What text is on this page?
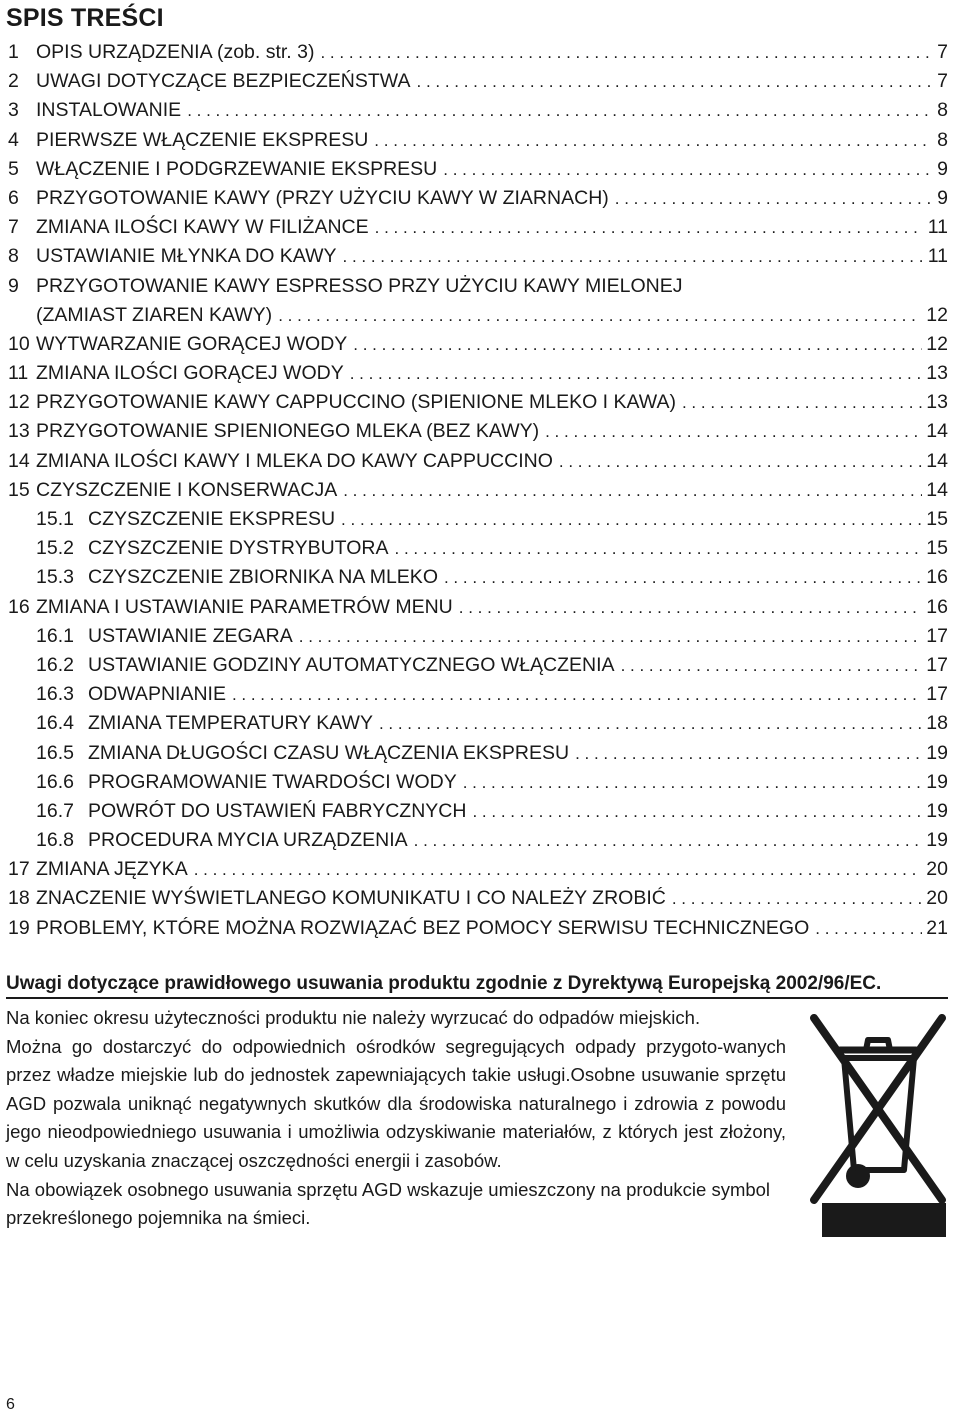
SPIS TREŚCI
1 OPIS URZĄDZENIA (zob. str. 3) . . .	7
2 UWAGI DOTYCZĄCE BEZPIECZEŃSTWA . . .	7
3 INSTALOWANIE . . .	8
4 PIERWSZE WŁĄCZENIE EKSPRESU . . .	8
5 WŁĄCZENIE I PODGRZEWANIE EKSPRESU . . .	9
6 PRZYGOTOWANIE KAWY (PRZY UŻYCIU KAWY W ZIARNACH) . . .	9
7 ZMIANA ILOŚCI KAWY W FILIŻANCE . . .	11
8 USTAWIANIE MŁYNKA DO KAWY . . .	11
9 PRZYGOTOWANIE KAWY ESPRESSO PRZY UŻYCIU KAWY MIELONEJ
(ZAMIAST ZIAREN KAWY) . . .	12
10 WYTWARZANIE GORĄCEJ WODY . . .	12
11 ZMIANA ILOŚCI GORĄCEJ WODY . . .	13
12 PRZYGOTOWANIE KAWY CAPPUCCINO (SPIENIONE MLEKO I KAWA) . . .	13
13 PRZYGOTOWANIE SPIENIONEGO MLEKA (BEZ KAWY) . . .	14
14 ZMIANA ILOŚCI KAWY I MLEKA DO KAWY CAPPUCCINO . . .	14
15 CZYSZCZENIE I KONSERWACJA . . .	14
15.1 CZYSZCZENIE EKSPRESU . . .	15
15.2 CZYSZCZENIE DYSTRYBUTORA . . .	15
15.3 CZYSZCZENIE ZBIORNIKA NA MLEKO . . .	16
16 ZMIANA I USTAWIANIE PARAMETRÓW MENU . . .	16
16.1 USTAWIANIE ZEGARA . . .	17
16.2 USTAWIANIE GODZINY AUTOMATYCZNEGO WŁĄCZENIA . . .	17
16.3 ODWAPNIANIE . . .	17
16.4 ZMIANA TEMPERATURY KAWY . . .	18
16.5 ZMIANA DŁUGOŚCI CZASU WŁĄCZENIA EKSPRESU . . .	19
16.6 PROGRAMOWANIE TWARDOŚCI WODY . . .	19
16.7 POWRÓT DO USTAWIEŃ FABRYCZNYCH . . .	19
16.8 PROCEDURA MYCIA URZĄDZENIA . . .	19
17 ZMIANA JĘZYKA . . .	20
18 ZNACZENIE WYŚWIETLANEGO KOMUNIKATU I CO NALEŻY ZROBIĆ . . .	20
19 PROBLEMY, KTÓRE MOŻNA ROZWIĄZAĆ BEZ POMOCY SERWISU TECHNICZNEGO . . .	21
Uwagi dotyczące prawidłowego usuwania produktu zgodnie z Dyrektywą Europejską 2002/96/EC.

Na koniec okresu użyteczności produktu nie należy wyrzucać do odpadów miejskich.

Można go dostarczyć do odpowiednich ośrodków segregujących odpady przygoto-wanych przez władze miejskie lub do jednostek zapewniających takie usługi.Osobne usuwanie sprzętu AGD pozwala uniknąć negatywnych skutków dla środowiska naturalnego i zdrowia z powodu jego nieodpowiedniego usuwania i umożliwia odzyskiwanie materiałów, z których jest złożony, w celu uzyskania znaczącej oszczędności energii i zasobów.

Na obowiązek osobnego usuwania sprzętu AGD wskazuje umieszczony na produkcie symbol przekreślonego pojemnika na śmieci.

6
